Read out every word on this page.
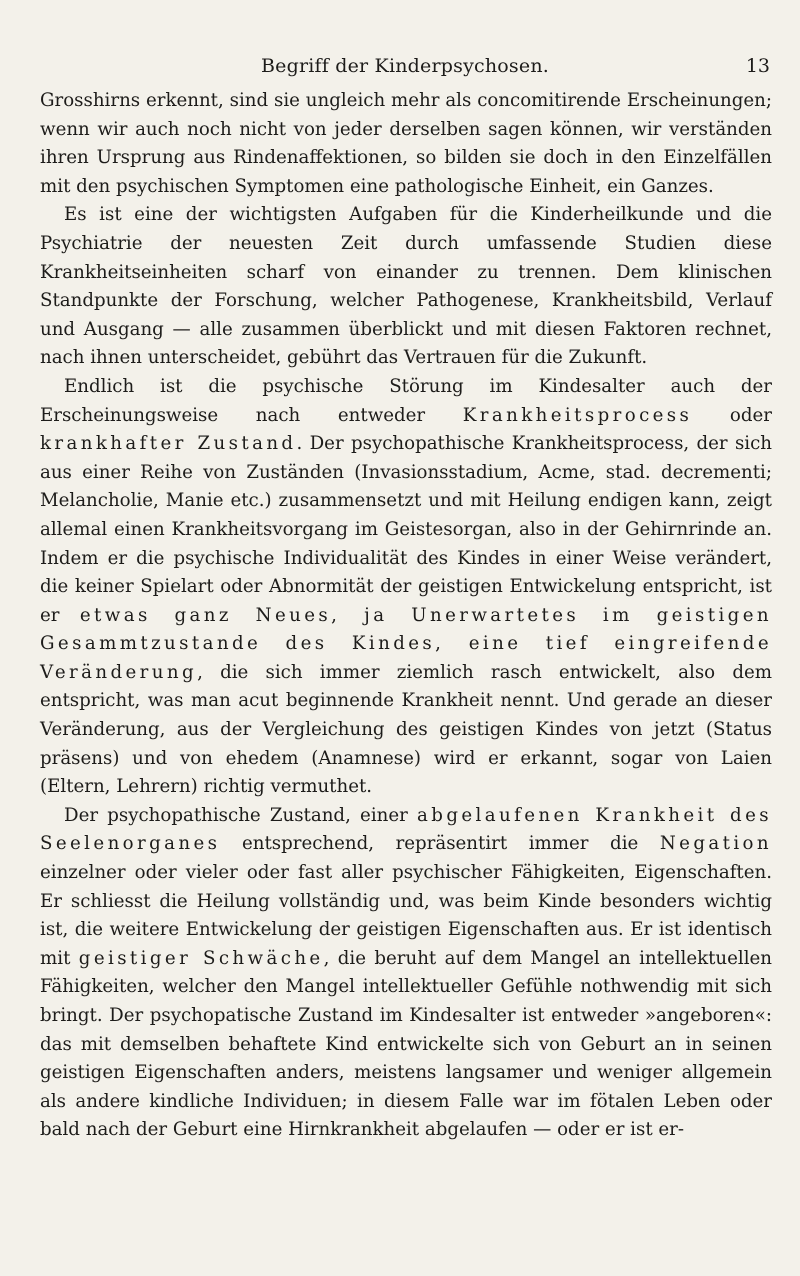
Begriff der Kinderpsychosen.	13

Grosshirns erkennt, sind sie ungleich mehr als concomitirende Erscheinungen; wenn wir auch noch nicht von jeder derselben sagen können, wir verständen ihren Ursprung aus Rindenaffektionen, so bilden sie doch in den Einzelfällen mit den psychischen Symptomen eine pathologische Einheit, ein Ganzes.

Es ist eine der wichtigsten Aufgaben für die Kinderheilkunde und die Psychiatrie der neuesten Zeit durch umfassende Studien diese Krankheitseinheiten scharf von einander zu trennen. Dem klinischen Standpunkte der Forschung, welcher Pathogenese, Krankheitsbild, Verlauf und Ausgang — alle zusammen überblickt und mit diesen Faktoren rechnet, nach ihnen unterscheidet, gebührt das Vertrauen für die Zukunft.

Endlich ist die psychische Störung im Kindesalter auch der Erscheinungsweise nach entweder Krankheitsprocess oder krankhafter Zustand. Der psychopathische Krankheitsprocess, der sich aus einer Reihe von Zuständen (Invasionsstadium, Acme, stad. decrementi; Melancholie, Manie etc.) zusammensetzt und mit Heilung endigen kann, zeigt allemal einen Krankheitsvorgang im Geistesorgan, also in der Gehirnrinde an. Indem er die psychische Individualität des Kindes in einer Weise verändert, die keiner Spielart oder Abnormität der geistigen Entwickelung entspricht, ist er etwas ganz Neues, ja Unerwartetes im geistigen Gesammtzustande des Kindes, eine tief eingreifende Veränderung, die sich immer ziemlich rasch entwickelt, also dem entspricht, was man acut beginnende Krankheit nennt. Und gerade an dieser Veränderung, aus der Vergleichung des geistigen Kindes von jetzt (Status präsens) und von ehedem (Anamnese) wird er erkannt, sogar von Laien (Eltern, Lehrern) richtig vermuthet.

Der psychopathische Zustand, einer abgelaufenen Krankheit des Seelenorganes entsprechend, repräsentirt immer die Negation einzelner oder vieler oder fast aller psychischer Fähigkeiten, Eigenschaften. Er schliesst die Heilung vollständig und, was beim Kinde besonders wichtig ist, die weitere Entwickelung der geistigen Eigenschaften aus. Er ist identisch mit geistiger Schwäche, die beruht auf dem Mangel an intellektuellen Fähigkeiten, welcher den Mangel intellektueller Gefühle nothwendig mit sich bringt. Der psychopatische Zustand im Kindesalter ist entweder »angeboren«: das mit demselben behaftete Kind entwickelte sich von Geburt an in seinen geistigen Eigenschaften anders, meistens langsamer und weniger allgemein als andere kindliche Individuen; in diesem Falle war im fötalen Leben oder bald nach der Geburt eine Hirnkrankheit abgelaufen — oder er ist er-
